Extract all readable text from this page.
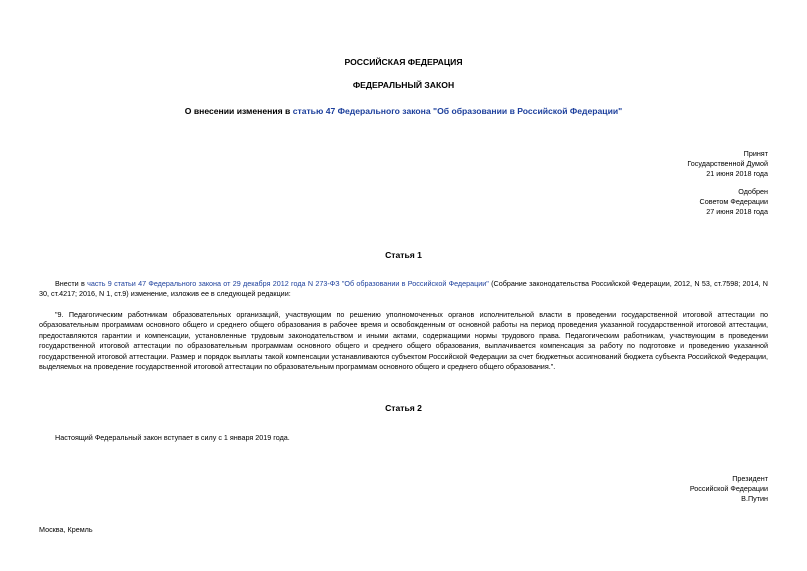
РОССИЙСКАЯ ФЕДЕРАЦИЯ
ФЕДЕРАЛЬНЫЙ ЗАКОН
О внесении изменения в статью 47 Федерального закона "Об образовании в Российской Федерации"
Принят
Государственной Думой
21 июня 2018 года
Одобрен
Советом Федерации
27 июня 2018 года
Статья 1
Внести в часть 9 статьи 47 Федерального закона от 29 декабря 2012 года N 273-ФЗ "Об образовании в Российской Федерации" (Собрание законодательства Российской Федерации, 2012, N 53, ст.7598; 2014, N 30, ст.4217; 2016, N 1, ст.9) изменение, изложив ее в следующей редакции:
"9. Педагогическим работникам образовательных организаций, участвующим по решению уполномоченных органов исполнительной власти в проведении государственной итоговой аттестации по образовательным программам основного общего и среднего общего образования в рабочее время и освобожденным от основной работы на период проведения указанной государственной итоговой аттестации, предоставляются гарантии и компенсации, установленные трудовым законодательством и иными актами, содержащими нормы трудового права. Педагогическим работникам, участвующим в проведении государственной итоговой аттестации по образовательным программам основного общего и среднего общего образования, выплачивается компенсация за работу по подготовке и проведению указанной государственной итоговой аттестации. Размер и порядок выплаты такой компенсации устанавливаются субъектом Российской Федерации за счет бюджетных ассигнований бюджета субъекта Российской Федерации, выделяемых на проведение государственной итоговой аттестации по образовательным программам основного общего и среднего общего образования.".
Статья 2
Настоящий Федеральный закон вступает в силу с 1 января 2019 года.
Президент
Российской Федерации
В.Путин
Москва, Кремль
